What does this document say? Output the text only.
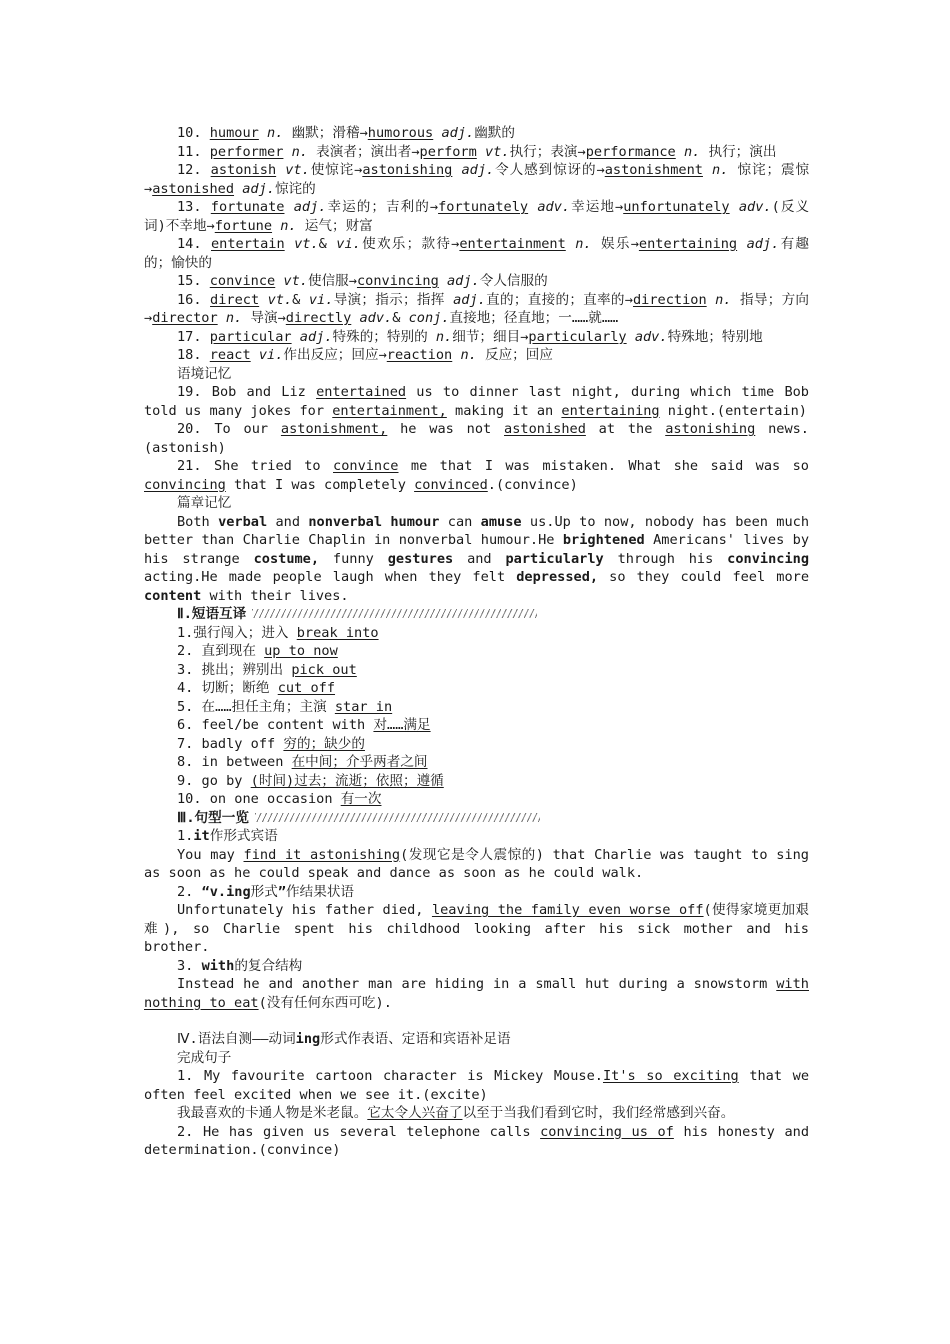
10. humour n. 幽默；滑稽→humorous adj.幽默的

11. performer n. 表演者；演出者→perform vt.执行；表演→performance n. 执行；演出

12. astonish vt.使惊诧→astonishing adj.令人感到惊讶的→astonishment n. 惊诧；震惊→astonished adj.惊诧的

13. fortunate adj.幸运的；吉利的→fortunately adv.幸运地→unfortunately adv.(反义词)不幸地→fortune n. 运气；财富

14. entertain vt.& vi.使欢乐；款待→entertainment n. 娱乐→entertaining adj.有趣的；愉快的

15. convince vt.使信服→convincing adj.令人信服的

16. direct vt.& vi.导演；指示；指挥 adj.直的；直接的；直率的→direction n. 指导；方向→director n. 导演→directly adv.& conj.直接地；径直地；一……就……

17. particular adj.特殊的；特别的 n.细节；细目→particularly adv.特殊地；特别地

18. react vi.作出反应；回应→reaction n. 反应；回应

语境记忆

19. Bob and Liz entertained us to dinner last night, during which time Bob told us many jokes for entertainment, making it an entertaining night.(entertain)

20. To our astonishment, he was not astonished at the astonishing news.(astonish)

21. She tried to convince me that I was mistaken. What she said was so convincing that I was completely convinced.(convince)

篇章记忆

Both verbal and nonverbal humour can amuse us.Up to now, nobody has been much better than Charlie Chaplin in nonverbal humour.He brightened Americans' lives by his strange costume, funny gestures and particularly through his convincing acting.He made people laugh when they felt depressed, so they could feel more content with their lives.

Ⅱ.短语互译

1.强行闯入；进入 break into

2. 直到现在 up to now

3. 挑出；辨别出 pick out

4. 切断；断绝 cut off

5. 在……担任主角；主演 star in

6. feel/be content with 对……满足

7. badly off 穷的；缺少的

8. in between 在中间；介乎两者之间

9. go by (时间)过去；流逝；依照；遵循

10. on one occasion 有一次

Ⅲ.句型一览

1.it作形式宾语

You may find it astonishing(发现它是令人震惊的) that Charlie was taught to sing as soon as he could speak and dance as soon as he could walk.

2. “v.ing形式”作结果状语

Unfortunately his father died, leaving the family even worse off(使得家境更加艰难), so Charlie spent his childhood looking after his sick mother and his brother.

3. with的复合结构

Instead he and another man are hiding in a small hut during a snowstorm with nothing to eat(没有任何东西可吃).

Ⅳ.语法自测——动词ing形式作表语、定语和宾语补足语

完成句子

1. My favourite cartoon character is Mickey Mouse.It's so exciting that we often feel excited when we see it.(excite)

我最喜欢的卡通人物是米老鼠。它太令人兴奋了以至于当我们看到它时，我们经常感到兴奋。

2. He has given us several telephone calls convincing us of his honesty and determination.(convince)
